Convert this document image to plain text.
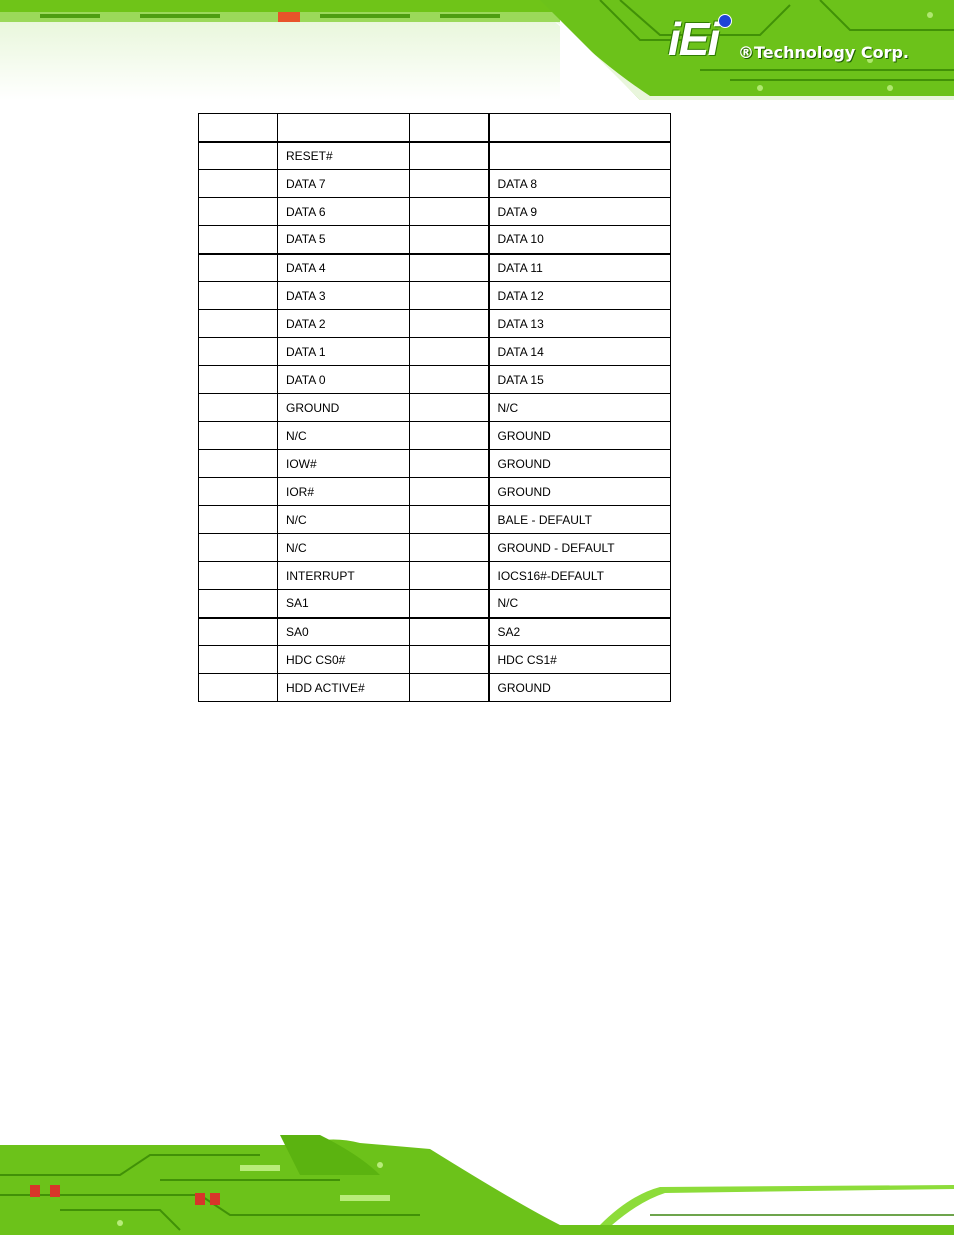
iEi ®Technology Corp.

	RESET#		
	DATA 7		DATA 8
	DATA 6		DATA 9
	DATA 5		DATA 10
	DATA 4		DATA 11
	DATA 3		DATA 12
	DATA 2		DATA 13
	DATA 1		DATA 14
	DATA 0		DATA 15
	GROUND		N/C
	N/C		GROUND
	IOW#		GROUND
	IOR#		GROUND
	N/C		BALE - DEFAULT
	N/C		GROUND - DEFAULT
	INTERRUPT		IOCS16#-DEFAULT
	SA1		N/C
	SA0		SA2
	HDC CS0#		HDC CS1#
	HDD ACTIVE#		GROUND
